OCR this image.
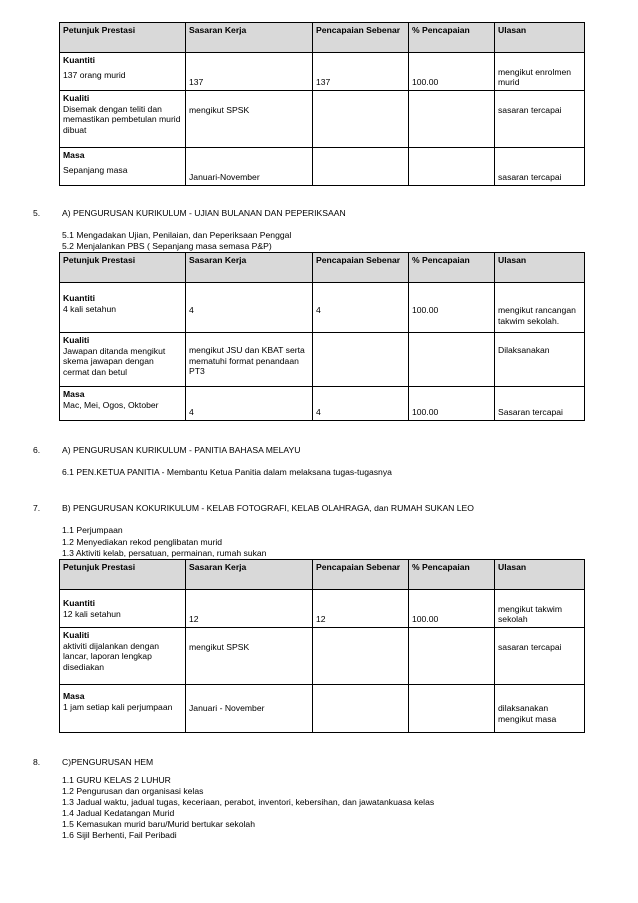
Petunjuk Prestasi	Sasaran Kerja	Pencapaian Sebenar	% Pencapaian	Ulasan

Kuantiti
137 orang murid	137	137	100.00	mengikut enrolmen murid

Kualiti
Disemak dengan teliti dan memastikan pembetulan murid dibuat	mengikut SPSK			sasaran tercapai

Masa
Sepanjang masa	Januari-November			sasaran tercapai
5.	A) PENGURUSAN KURIKULUM - UJIAN BULANAN DAN PEPERIKSAAN
5.1 Mengadakan Ujian, Penilaian, dan Peperiksaan Penggal
5.2 Menjalankan PBS ( Sepanjang masa semasa P&P)
Petunjuk Prestasi	Sasaran Kerja	Pencapaian Sebenar	% Pencapaian	Ulasan

Kuantiti
4 kali setahun	4	4	100.00	mengikut rancangan takwim sekolah.

Kualiti
Jawapan ditanda mengikut skema jawapan dengan cermat dan betul	mengikut JSU dan KBAT serta mematuhi format penandaan PT3			Dilaksanakan

Masa
Mac, Mei, Ogos, Oktober	4	4	100.00	Sasaran tercapai
6.	A) PENGURUSAN KURIKULUM - PANITIA BAHASA MELAYU
6.1 PEN.KETUA PANITIA - Membantu Ketua Panitia dalam melaksana tugas-tugasnya
7.	B) PENGURUSAN KOKURIKULUM - KELAB FOTOGRAFI, KELAB OLAHRAGA, dan RUMAH SUKAN LEO
1.1 Perjumpaan
1.2 Menyediakan rekod penglibatan murid
1.3 Aktiviti kelab, persatuan, permainan, rumah sukan
Petunjuk Prestasi	Sasaran Kerja	Pencapaian Sebenar	% Pencapaian	Ulasan

Kuantiti
12 kali setahun	12	12	100.00	mengikut takwim sekolah

Kualiti
aktiviti dijalankan dengan lancar, laporan lengkap disediakan	mengikut SPSK			sasaran tercapai

Masa
1 jam setiap kali perjumpaan	Januari - November			dilaksanakan mengikut masa
8.	C)PENGURUSAN HEM
1.1 GURU KELAS 2 LUHUR
1.2 Pengurusan dan organisasi kelas
1.3 Jadual waktu, jadual tugas, keceriaan, perabot, inventori, kebersihan, dan jawatankuasa kelas
1.4 Jadual Kedatangan Murid
1.5 Kemasukan murid baru/Murid bertukar sekolah
1.6 Sijil Berhenti, Fail Peribadi
